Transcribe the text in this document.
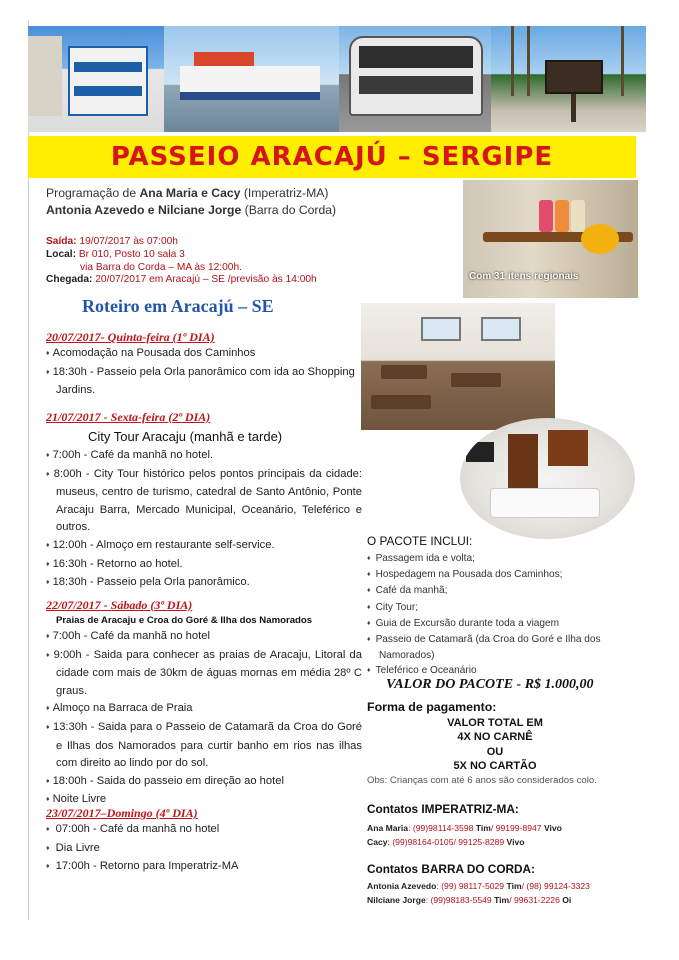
PASSEIO ARACAJÚ – SERGIPE
Programação de Ana Maria e Cacy (Imperatriz-MA)
Antonia Azevedo e Nilciane Jorge (Barra do Corda)
Saída: 19/07/2017 às 07:00h
Local: Br 010, Posto 10 sala 3
via Barra do Corda – MA às 12:00h.
Chegada: 20/07/2017 em Aracajú – SE /previsão às 14:00h
Roteiro em Aracajú – SE
20/07/2017- Quinta-feira (1º DIA)
♦ Acomodação na Pousada dos Caminhos
♦ 18:30h - Passeio pela Orla panorâmico com ida ao Shopping Jardins.
21/07/2017 - Sexta-feira (2º DIA)
City Tour Aracaju (manhã e tarde)
♦ 7:00h - Café da manhã no hotel.
♦ 8:00h - City Tour histórico pelos pontos principais da cidade: museus, centro de turismo, catedral de Santo Antônio, Ponte Aracaju Barra, Mercado Municipal, Oceanário, Teleférico e outros.
♦ 12:00h - Almoço em restaurante self-service.
♦ 16:30h - Retorno ao hotel.
♦ 18:30h - Passeio pela Orla panorâmico.
22/07/2017 - Sábado (3º DIA)
Praias de Aracaju e Croa do Goré & Ilha dos Namorados
♦ 7:00h - Café da manhã no hotel
♦ 9:00h - Saida para conhecer as praias de Aracaju, Litoral da cidade com mais de 30km de águas mornas em média 28º C graus.
♦ Almoço na Barraca de Praia
♦ 13:30h - Saida para o Passeio de Catamarã da Croa do Goré e Ilhas dos Namorados para curtir banho em rios nas ilhas com direito ao lindo por do sol.
♦ 18:00h - Saida do passeio em direção ao hotel
♦ Noite Livre
23/07/2017–Domingo (4º DIA)
♦ 07:00h - Café da manhã no hotel
♦ Dia Livre
♦ 17:00h - Retorno para Imperatriz-MA
Com 31 itens regionais
O PACOTE INCLUI:
♦ Passagem ida e volta;
♦ Hospedagem na Pousada dos Caminhos;
♦ Café da manhã;
♦ City Tour;
♦ Guia de Excursão durante toda a viagem
♦ Passeio de Catamarã (da Croa do Goré e Ilha dos Namorados)
♦ Teleférico e Oceanário
VALOR DO PACOTE - R$ 1.000,00
Forma de pagamento:
VALOR TOTAL EM
4X NO CARNÊ
OU
5X NO CARTÃO
Obs: Crianças com até 6 anos são considerados colo.
Contatos IMPERATRIZ-MA:
Ana Maria: (99)98114-3598 Tim/ 99199-8947 Vivo
Cacy: (99)98164-0105/ 99125-8289 Vivo
Contatos BARRA DO CORDA:
Antonia Azevedo: (99) 98117-5029 Tim/ (98) 99124-3323
Nilciane Jorge: (99)98183-5549 Tim/ 99631-2226 Oi
